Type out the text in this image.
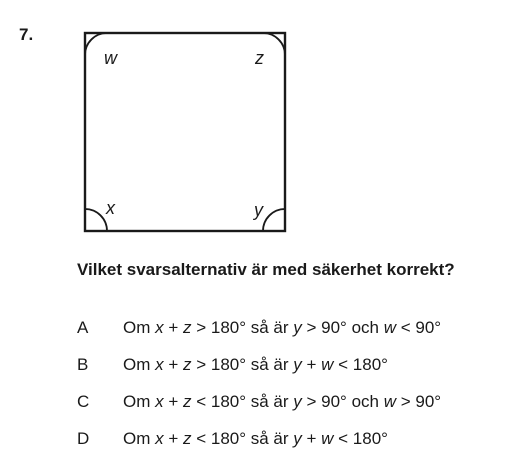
7.
w	z
x	y
Vilket svarsalternativ är med säkerhet korrekt?
A	Om x + z > 180° så är y > 90° och w < 90°
B	Om x + z > 180° så är y + w < 180°
C	Om x + z < 180° så är y > 90° och w > 90°
D	Om x + z < 180° så är y + w < 180°
